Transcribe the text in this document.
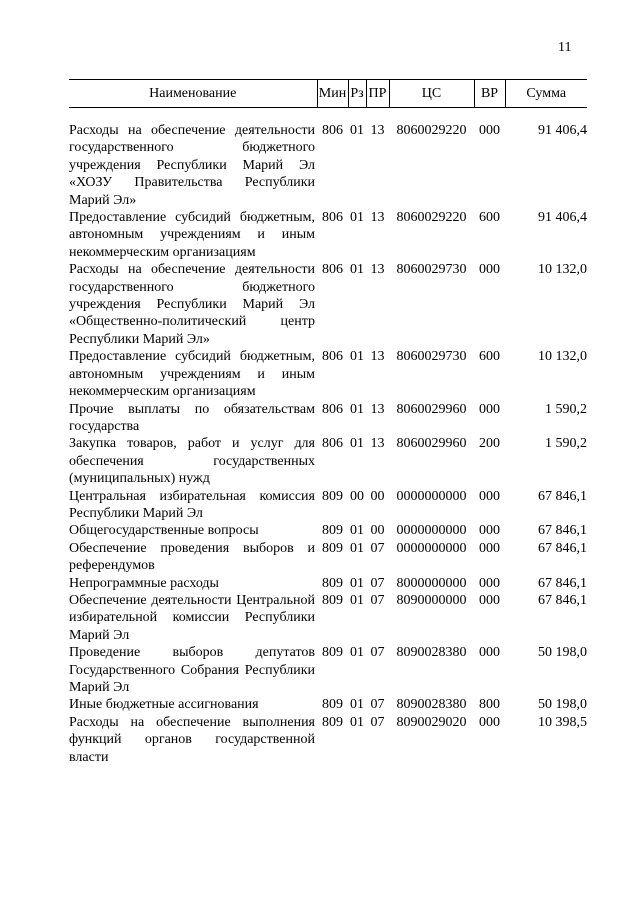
11
Наименование	Мин	Рз	ПР	ЦС	ВР	Сумма

Расходы на обеспечение деятельности государственного бюджетного учреждения Республики Марий Эл «ХОЗУ Правительства Республики Марий Эл»	806	01	13	8060029220	000	91 406,4
Предоставление субсидий бюджетным, автономным учреждениям и иным некоммерческим организациям	806	01	13	8060029220	600	91 406,4
Расходы на обеспечение деятельности государственного бюджетного учреждения Республики Марий Эл «Общественно-политический центр Республики Марий Эл»	806	01	13	8060029730	000	10 132,0
Предоставление субсидий бюджетным, автономным учреждениям и иным некоммерческим организациям	806	01	13	8060029730	600	10 132,0
Прочие выплаты по обязательствам государства	806	01	13	8060029960	000	1 590,2
Закупка товаров, работ и услуг для обеспечения государственных (муниципальных) нужд	806	01	13	8060029960	200	1 590,2
Центральная избирательная комиссия Республики Марий Эл	809	00	00	0000000000	000	67 846,1
Общегосударственные вопросы	809	01	00	0000000000	000	67 846,1
Обеспечение проведения выборов и референдумов	809	01	07	0000000000	000	67 846,1
Непрограммные расходы	809	01	07	8000000000	000	67 846,1
Обеспечение деятельности Центральной избирательной комиссии Республики Марий Эл	809	01	07	8090000000	000	67 846,1
Проведение выборов депутатов Государственного Собрания Республики Марий Эл	809	01	07	8090028380	000	50 198,0
Иные бюджетные ассигнования	809	01	07	8090028380	800	50 198,0
Расходы на обеспечение выполнения функций органов государственной власти	809	01	07	8090029020	000	10 398,5
